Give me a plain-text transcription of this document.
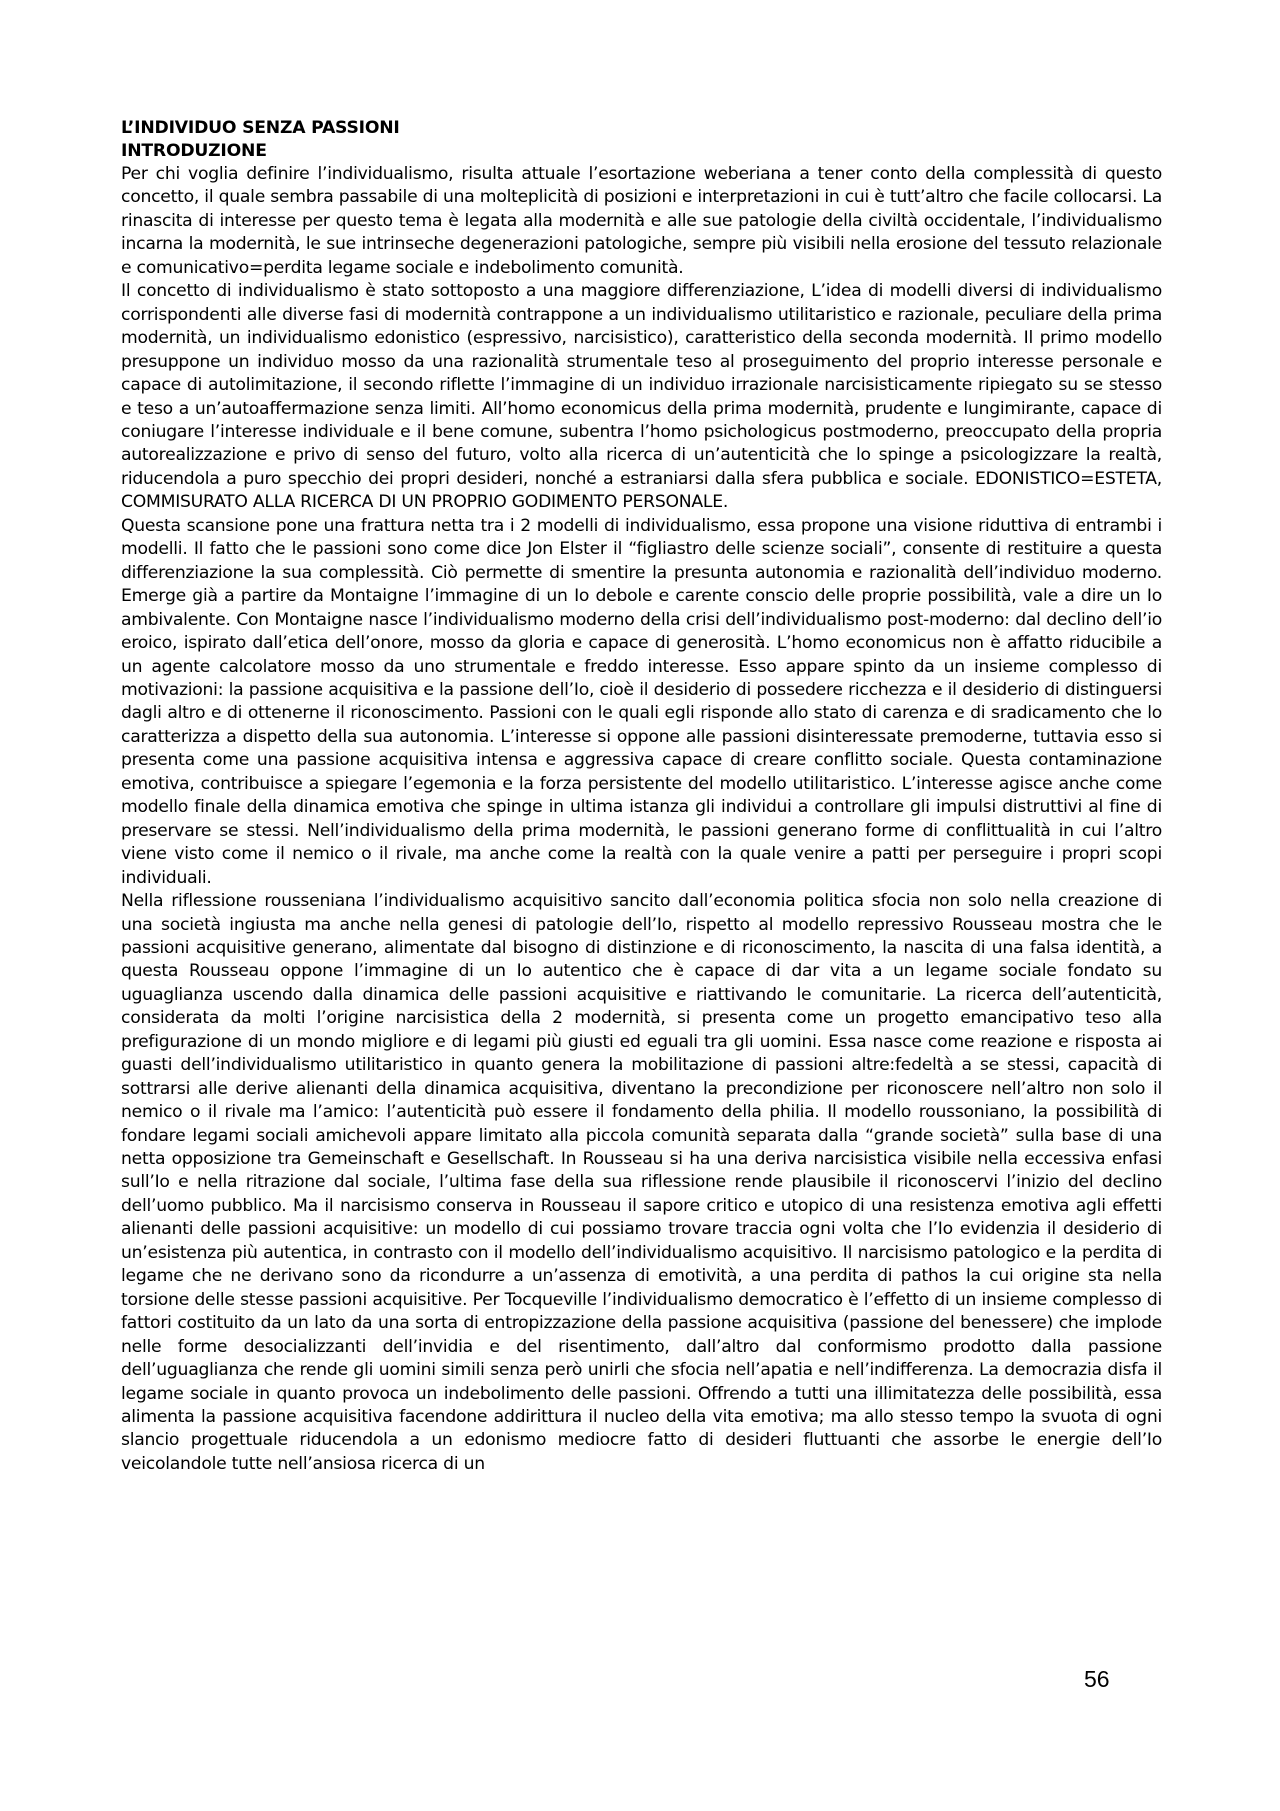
L’INDIVIDUO SENZA PASSIONI
INTRODUZIONE

Per chi voglia definire l’individualismo, risulta attuale l’esortazione weberiana a tener conto della complessità di questo concetto, il quale sembra passabile di una molteplicità di posizioni e interpretazioni in cui è tutt’altro che facile collocarsi. La rinascita di interesse per questo tema è legata alla modernità e alle sue patologie della civiltà occidentale, l’individualismo incarna la modernità, le sue intrinseche degenerazioni patologiche, sempre più visibili nella erosione del tessuto relazionale e comunicativo=perdita legame sociale e indebolimento comunità.

Il concetto di individualismo è stato sottoposto a una maggiore differenziazione, L’idea di modelli diversi di individualismo corrispondenti alle diverse fasi di modernità contrappone a un individualismo utilitaristico e razionale, peculiare della prima modernità, un individualismo edonistico (espressivo, narcisistico), caratteristico della seconda modernità. Il primo modello presuppone un individuo mosso da una razionalità strumentale teso al proseguimento del proprio interesse personale e capace di autolimitazione, il secondo riflette l’immagine di un individuo irrazionale narcisisticamente ripiegato su se stesso e teso a un’autoaffermazione senza limiti. All’homo economicus della prima modernità, prudente e lungimirante, capace di coniugare l’interesse individuale e il bene comune, subentra l’homo psichologicus postmoderno, preoccupato della propria autorealizzazione e privo di senso del futuro, volto alla ricerca di un’autenticità che lo spinge a psicologizzare la realtà, riducendola a puro specchio dei propri desideri, nonché a estraniarsi dalla sfera pubblica e sociale. EDONISTICO=ESTETA, COMMISURATO ALLA RICERCA DI UN PROPRIO GODIMENTO PERSONALE.

Questa scansione pone una frattura netta tra i 2 modelli di individualismo, essa propone una visione riduttiva di entrambi i modelli. Il fatto che le passioni sono come dice Jon Elster il “figliastro delle scienze sociali”, consente di restituire a questa differenziazione la sua complessità. Ciò permette di smentire la presunta autonomia e razionalità dell’individuo moderno. Emerge già a partire da Montaigne l’immagine di un Io debole e carente conscio delle proprie possibilità, vale a dire un Io ambivalente. Con Montaigne nasce l’individualismo moderno della crisi dell’individualismo post-moderno: dal declino dell’io eroico, ispirato dall’etica dell’onore, mosso da gloria e capace di generosità. L’homo economicus non è affatto riducibile a un agente calcolatore mosso da uno strumentale e freddo interesse. Esso appare spinto da un insieme complesso di motivazioni: la passione acquisitiva e la passione dell’Io, cioè il desiderio di possedere ricchezza e il desiderio di distinguersi dagli altro e di ottenerne il riconoscimento. Passioni con le quali egli risponde allo stato di carenza e di sradicamento che lo caratterizza a dispetto della sua autonomia. L’interesse si oppone alle passioni disinteressate premoderne, tuttavia esso si presenta come una passione acquisitiva intensa e aggressiva capace di creare conflitto sociale. Questa contaminazione emotiva, contribuisce a spiegare l’egemonia e la forza persistente del modello utilitaristico. L’interesse agisce anche come modello finale della dinamica emotiva che spinge in ultima istanza gli individui a controllare gli impulsi distruttivi al fine di preservare se stessi. Nell’individualismo della prima modernità, le passioni generano forme di conflittualità in cui l’altro viene visto come il nemico o il rivale, ma anche come la realtà con la quale venire a patti per perseguire i propri scopi individuali.

Nella riflessione rousseniana l’individualismo acquisitivo sancito dall’economia politica sfocia non solo nella creazione di una società ingiusta ma anche nella genesi di patologie dell’Io, rispetto al modello repressivo Rousseau mostra che le passioni acquisitive generano, alimentate dal bisogno di distinzione e di riconoscimento, la nascita di una falsa identità, a questa Rousseau oppone l’immagine di un Io autentico che è capace di dar vita a un legame sociale fondato su uguaglianza uscendo dalla dinamica delle passioni acquisitive e riattivando le comunitarie. La ricerca dell’autenticità, considerata da molti l’origine narcisistica della 2 modernità, si presenta come un progetto emancipativo teso alla prefigurazione di un mondo migliore e di legami più giusti ed eguali tra gli uomini. Essa nasce come reazione e risposta ai guasti dell’individualismo utilitaristico in quanto genera la mobilitazione di passioni altre:fedeltà a se stessi, capacità di sottrarsi alle derive alienanti della dinamica acquisitiva, diventano la precondizione per riconoscere nell’altro non solo il nemico o il rivale ma l’amico: l’autenticità può essere il fondamento della philia. Il modello roussoniano, la possibilità di fondare legami sociali amichevoli appare limitato alla piccola comunità separata dalla “grande società” sulla base di una netta opposizione tra Gemeinschaft e Gesellschaft. In Rousseau si ha una deriva narcisistica visibile nella eccessiva enfasi sull’Io e nella ritrazione dal sociale, l’ultima fase della sua riflessione rende plausibile il riconoscervi l’inizio del declino dell’uomo pubblico. Ma il narcisismo conserva in Rousseau il sapore critico e utopico di una resistenza emotiva agli effetti alienanti delle passioni acquisitive: un modello di cui possiamo trovare traccia ogni volta che l’Io evidenzia il desiderio di un’esistenza più autentica, in contrasto con il modello dell’individualismo acquisitivo. Il narcisismo patologico e la perdita di legame che ne derivano sono da ricondurre a un’assenza di emotività, a una perdita di pathos la cui origine sta nella torsione delle stesse passioni acquisitive. Per Tocqueville l’individualismo democratico è l’effetto di un insieme complesso di fattori costituito da un lato da una sorta di entropizzazione della passione acquisitiva (passione del benessere) che implode nelle forme desocializzanti dell’invidia e del risentimento, dall’altro dal conformismo prodotto dalla passione dell’uguaglianza che rende gli uomini simili senza però unirli che sfocia nell’apatia e nell’indifferenza. La democrazia disfa il legame sociale in quanto provoca un indebolimento delle passioni. Offrendo a tutti una illimitatezza delle possibilità, essa alimenta la passione acquisitiva facendone addirittura il nucleo della vita emotiva; ma allo stesso tempo la svuota di ogni slancio progettuale riducendola a un edonismo mediocre fatto di desideri fluttuanti che assorbe le energie dell’Io veicolandole tutte nell’ansiosa ricerca di un

56
